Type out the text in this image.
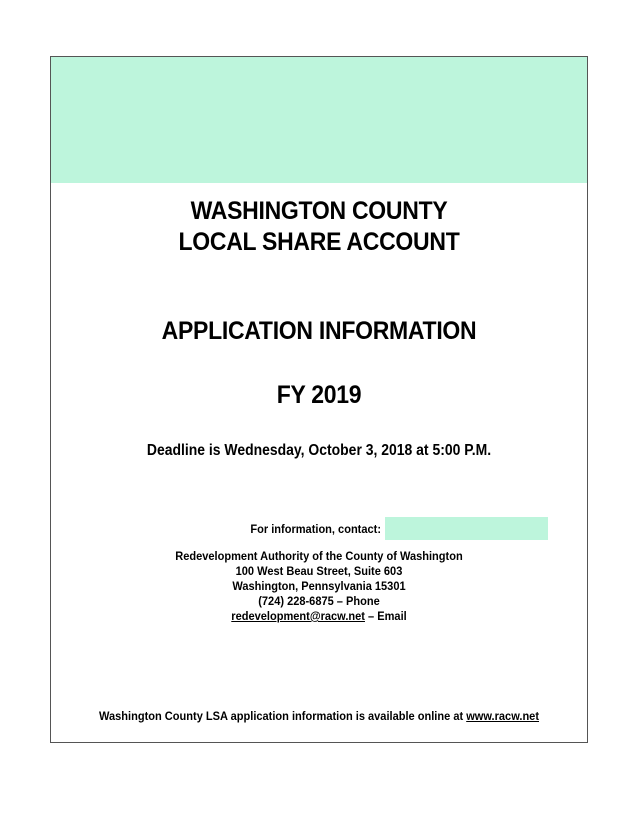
WASHINGTON COUNTY
LOCAL SHARE ACCOUNT
APPLICATION INFORMATION
FY 2019
Deadline is Wednesday, October 3, 2018 at 5:00 P.M.
For information, contact:
Redevelopment Authority of the County of Washington
100 West Beau Street, Suite 603
Washington, Pennsylvania 15301
(724) 228-6875 – Phone
redevelopment@racw.net – Email
Washington County LSA application information is available online at www.racw.net
